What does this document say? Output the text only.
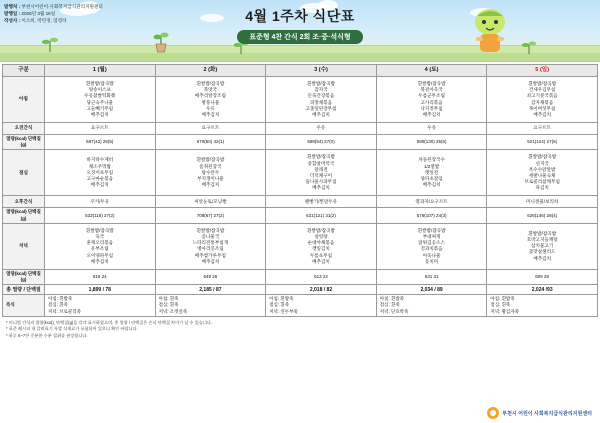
발행처 : 부천시어린이·사회복지급식관리지원센터
발행일 : 2026년 3월 16일
작성자 : 이소희, 박민경, 염영라	4월 1주차 식단표
표준형 4찬 간식 2회 조·중·석식형
구분	1 (월)	2 (화)	3 (수)	4 (토)	5 (일)
아침	
흰쌀밥/잡곡밥
양송이스프
우유찹쌀떡화菜
당근숙주나물
고들빼기무침
배추김치

흰쌀밥/잡곡밥
북엇국
메추리알장조림
방풍나물
우유
배추김치

흰쌀밥/잡곡밥
감자국
돈육간장볶음
피망채볶음
고춧잎된장무침
배추김치

흰쌀밥/잡곡밥
북겉아욱국
두릅군무조림
고사리볶음
낙지젓무침
배추김치

흰쌀밥/잡곡밥
건새우김무침
쇠고기뭇국볶음
감자채볶음
목이버섯무침
배추김치

오전간식	요구르트	요구르트	우유	우유	요구르트

열량(kcal) 단백질(g)	587(42) 25(5)	670(50) 32(1)	598(54) 27(0)	590(130) 25(6)	521(124) 27(6)

점심	
바지락수제비
채소주먹밥
오징어초무침
고구마순볶음
배추김치

흰쌀밥/잡곡밥
옴취된장국
탕수만두
부지갱이나물
배추김치

흰쌀밥/잡곡밥
중합살미역국
달래전
더덕채구이
돌나물사과무침
배추김치

차돌된장국수
1/2열밥
깻잎전
양파초절임
배추김치

흰쌀밥/잡곡밥
선지국
옥수수닭알밥
세발나물숙채
브로콜리참깨무침
파김치

오후간식	쿠키/두유	씨앗눈토/모닝빵	팬빵기/찐달두유	열과자/요구르트	미니샌물/보리차

열량(kcal) 단백질(g)	533(118) 27(2)	708(67) 27(2)	631(121) 31(2)	576(107) 24(3)	626(146) 28(4)

저녁	
흰쌀밥/잡곡밥
육국
훈제오리볶음
유부조림
오이양파무침
배추김치

흰쌀밥/잡곡밥
콩나물국
느타리전통부침개
병아리콩조림
배추쌈가루무침
배추김치

흰쌀밥/잡곡밥
설렁탕
순대야채볶음
깻잎김치
두릅초무침
배추김치

흰쌀밥/잡곡밥
부대찌개
닭튀김옹소스
견과치볶음
아욱나물
동치미

흰쌀밥/잡곡밥
호박고지들깨탕
삼치물고기
꽃맛살샐러드
배추김치

열량(kcal) 단백질(g)	618 24	649 26	613 22	631 31	609 28

총 열량 / 단백질	1,899 / 78	2,185 / 87	2,018 / 82	2,034 / 89	2,024 /93

즉식	아침: 흰밥죽
점심: 흰죽
저녁: 브로콜리죽	아침: 흰죽
점심: 흰죽
저녁: 조갯살죽	아침: 흰밥죽
점심: 흰죽
저녁: 연두부죽	아침: 흰밥죽
점심: 흰죽
저녁: 단호박죽	아침: 흰밥죽
점심: 흰죽
저녁: 황김자죽
* 미니별 간식의 열량(kcal), 단백질(g)을 각각 표시하였으며, 총 열량 / 단백질은 손식 단백질 차이가 날 수 있습니다.
* 표준 레시피 내 알려표기 자발 식재료가 포함되어 있으니 확인 바랍니다.
* 하루 6~7잔 중분한 수분 섭취를 권장합니다.
부천시 어린이 사회복지급식관리지원센터
